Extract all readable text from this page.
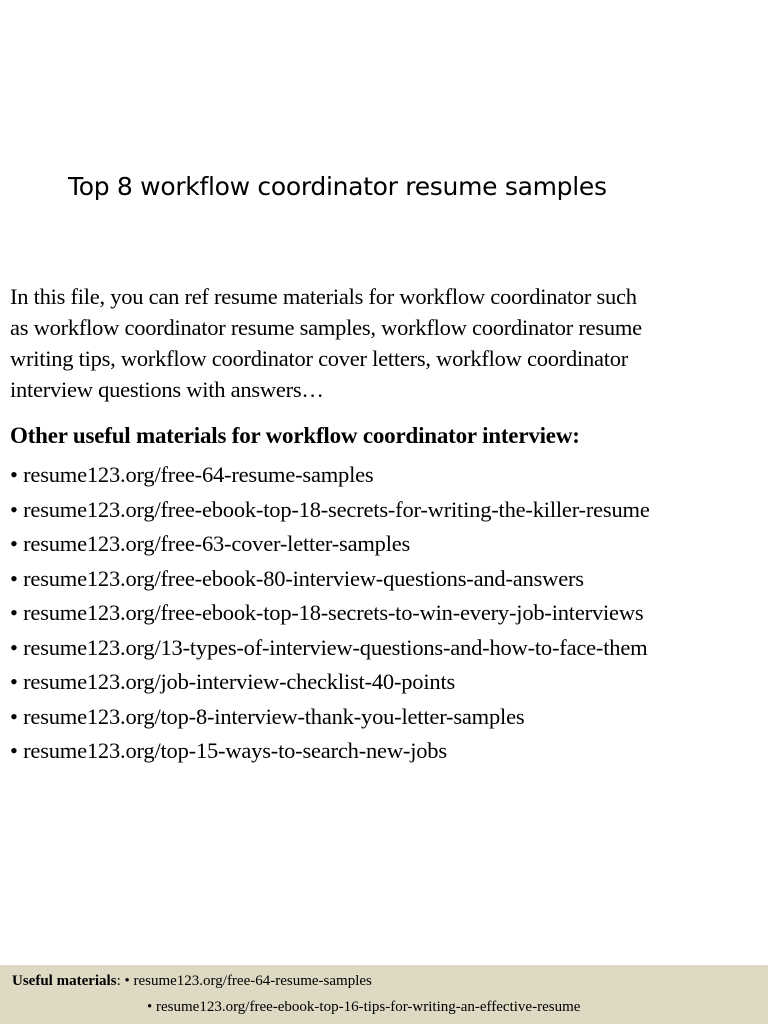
Top 8 workflow coordinator resume samples

In this file, you can ref resume materials for workflow coordinator such
as workflow coordinator resume samples, workflow coordinator resume
writing tips, workflow coordinator cover letters, workflow coordinator
interview questions with answers…

Other useful materials for workflow coordinator interview:
• resume123.org/free-64-resume-samples
• resume123.org/free-ebook-top-18-secrets-for-writing-the-killer-resume
• resume123.org/free-63-cover-letter-samples
• resume123.org/free-ebook-80-interview-questions-and-answers
• resume123.org/free-ebook-top-18-secrets-to-win-every-job-interviews
• resume123.org/13-types-of-interview-questions-and-how-to-face-them
• resume123.org/job-interview-checklist-40-points
• resume123.org/top-8-interview-thank-you-letter-samples
• resume123.org/top-15-ways-to-search-new-jobs
Useful materials: • resume123.org/free-64-resume-samples
• resume123.org/free-ebook-top-16-tips-for-writing-an-effective-resume
